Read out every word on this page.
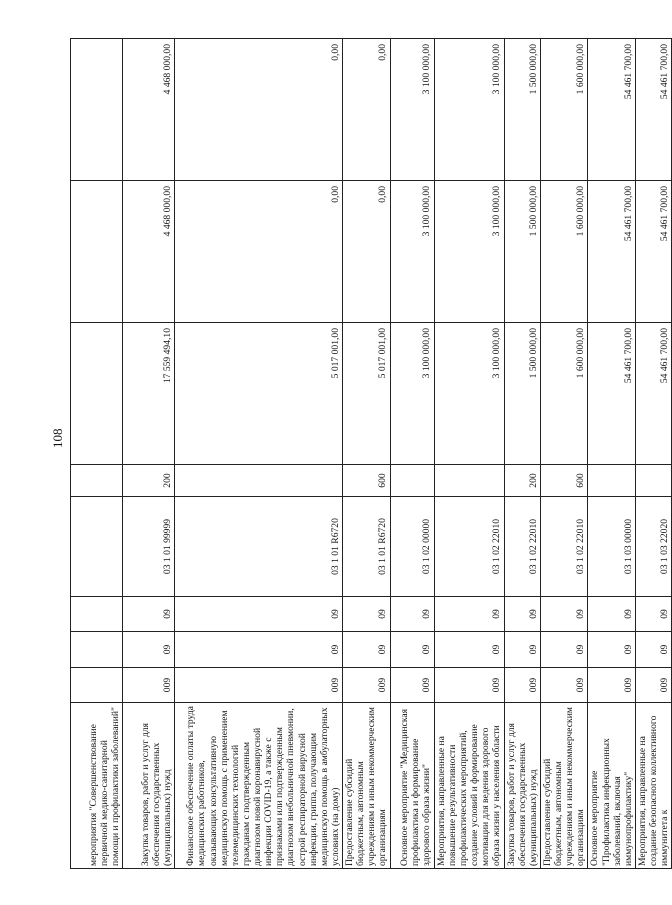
108
мероприятия "Совершенствование первичной медико-санитарной помощи и профилактики заболеваний"								
Закупка товаров, работ и услуг для обеспечения государственных (муниципальных) нужд	009	09	09	03 1 01 99999	200	17 559 494,10	4 468 000,00	4 468 000,00
Финансовое обеспечение оплаты труда медицинских работников, оказывающих консультативную медицинскую помощь с применением телемедицинских технологий гражданам с подтвержденным диагнозом новой коронавирусной инфекции COVID-19, а также с признаками или подтвержденным диагнозом внебольничной пневмонии, острой респираторной вирусной инфекции, гриппа, получающим медицинскую помощь в амбулаторных условиях (на дому)	009	09	09	03 1 01 R6720		5 017 001,00	0,00	0,00
Предоставление субсидий бюджетным, автономным учреждениям и иным некоммерческим организациям	009	09	09	03 1 01 R6720	600	5 017 001,00	0,00	0,00
Основное мероприятие "Медицинская профилактика и формирование здорового образа жизни"	009	09	09	03 1 02 00000		3 100 000,00	3 100 000,00	3 100 000,00
Мероприятия, направленные на повышение результативности профилактических мероприятий, создание условий и формирование мотивации для ведения здорового образа жизни у населения области	009	09	09	03 1 02 22010		3 100 000,00	3 100 000,00	3 100 000,00
Закупка товаров, работ и услуг для обеспечения государственных (муниципальных) нужд	009	09	09	03 1 02 22010	200	1 500 000,00	1 500 000,00	1 500 000,00
Предоставление субсидий бюджетным, автономным учреждениям и иным некоммерческим организациям	009	09	09	03 1 02 22010	600	1 600 000,00	1 600 000,00	1 600 000,00
Основное мероприятие "Профилактика инфекционных заболеваний, включая иммунопрофилактику"	009	09	09	03 1 03 00000		54 461 700,00	54 461 700,00	54 461 700,00
Мероприятия, направленные на создание безопасного коллективного иммунитета к	009	09	09	03 1 03 22020		54 461 700,00	54 461 700,00	54 461 700,00
